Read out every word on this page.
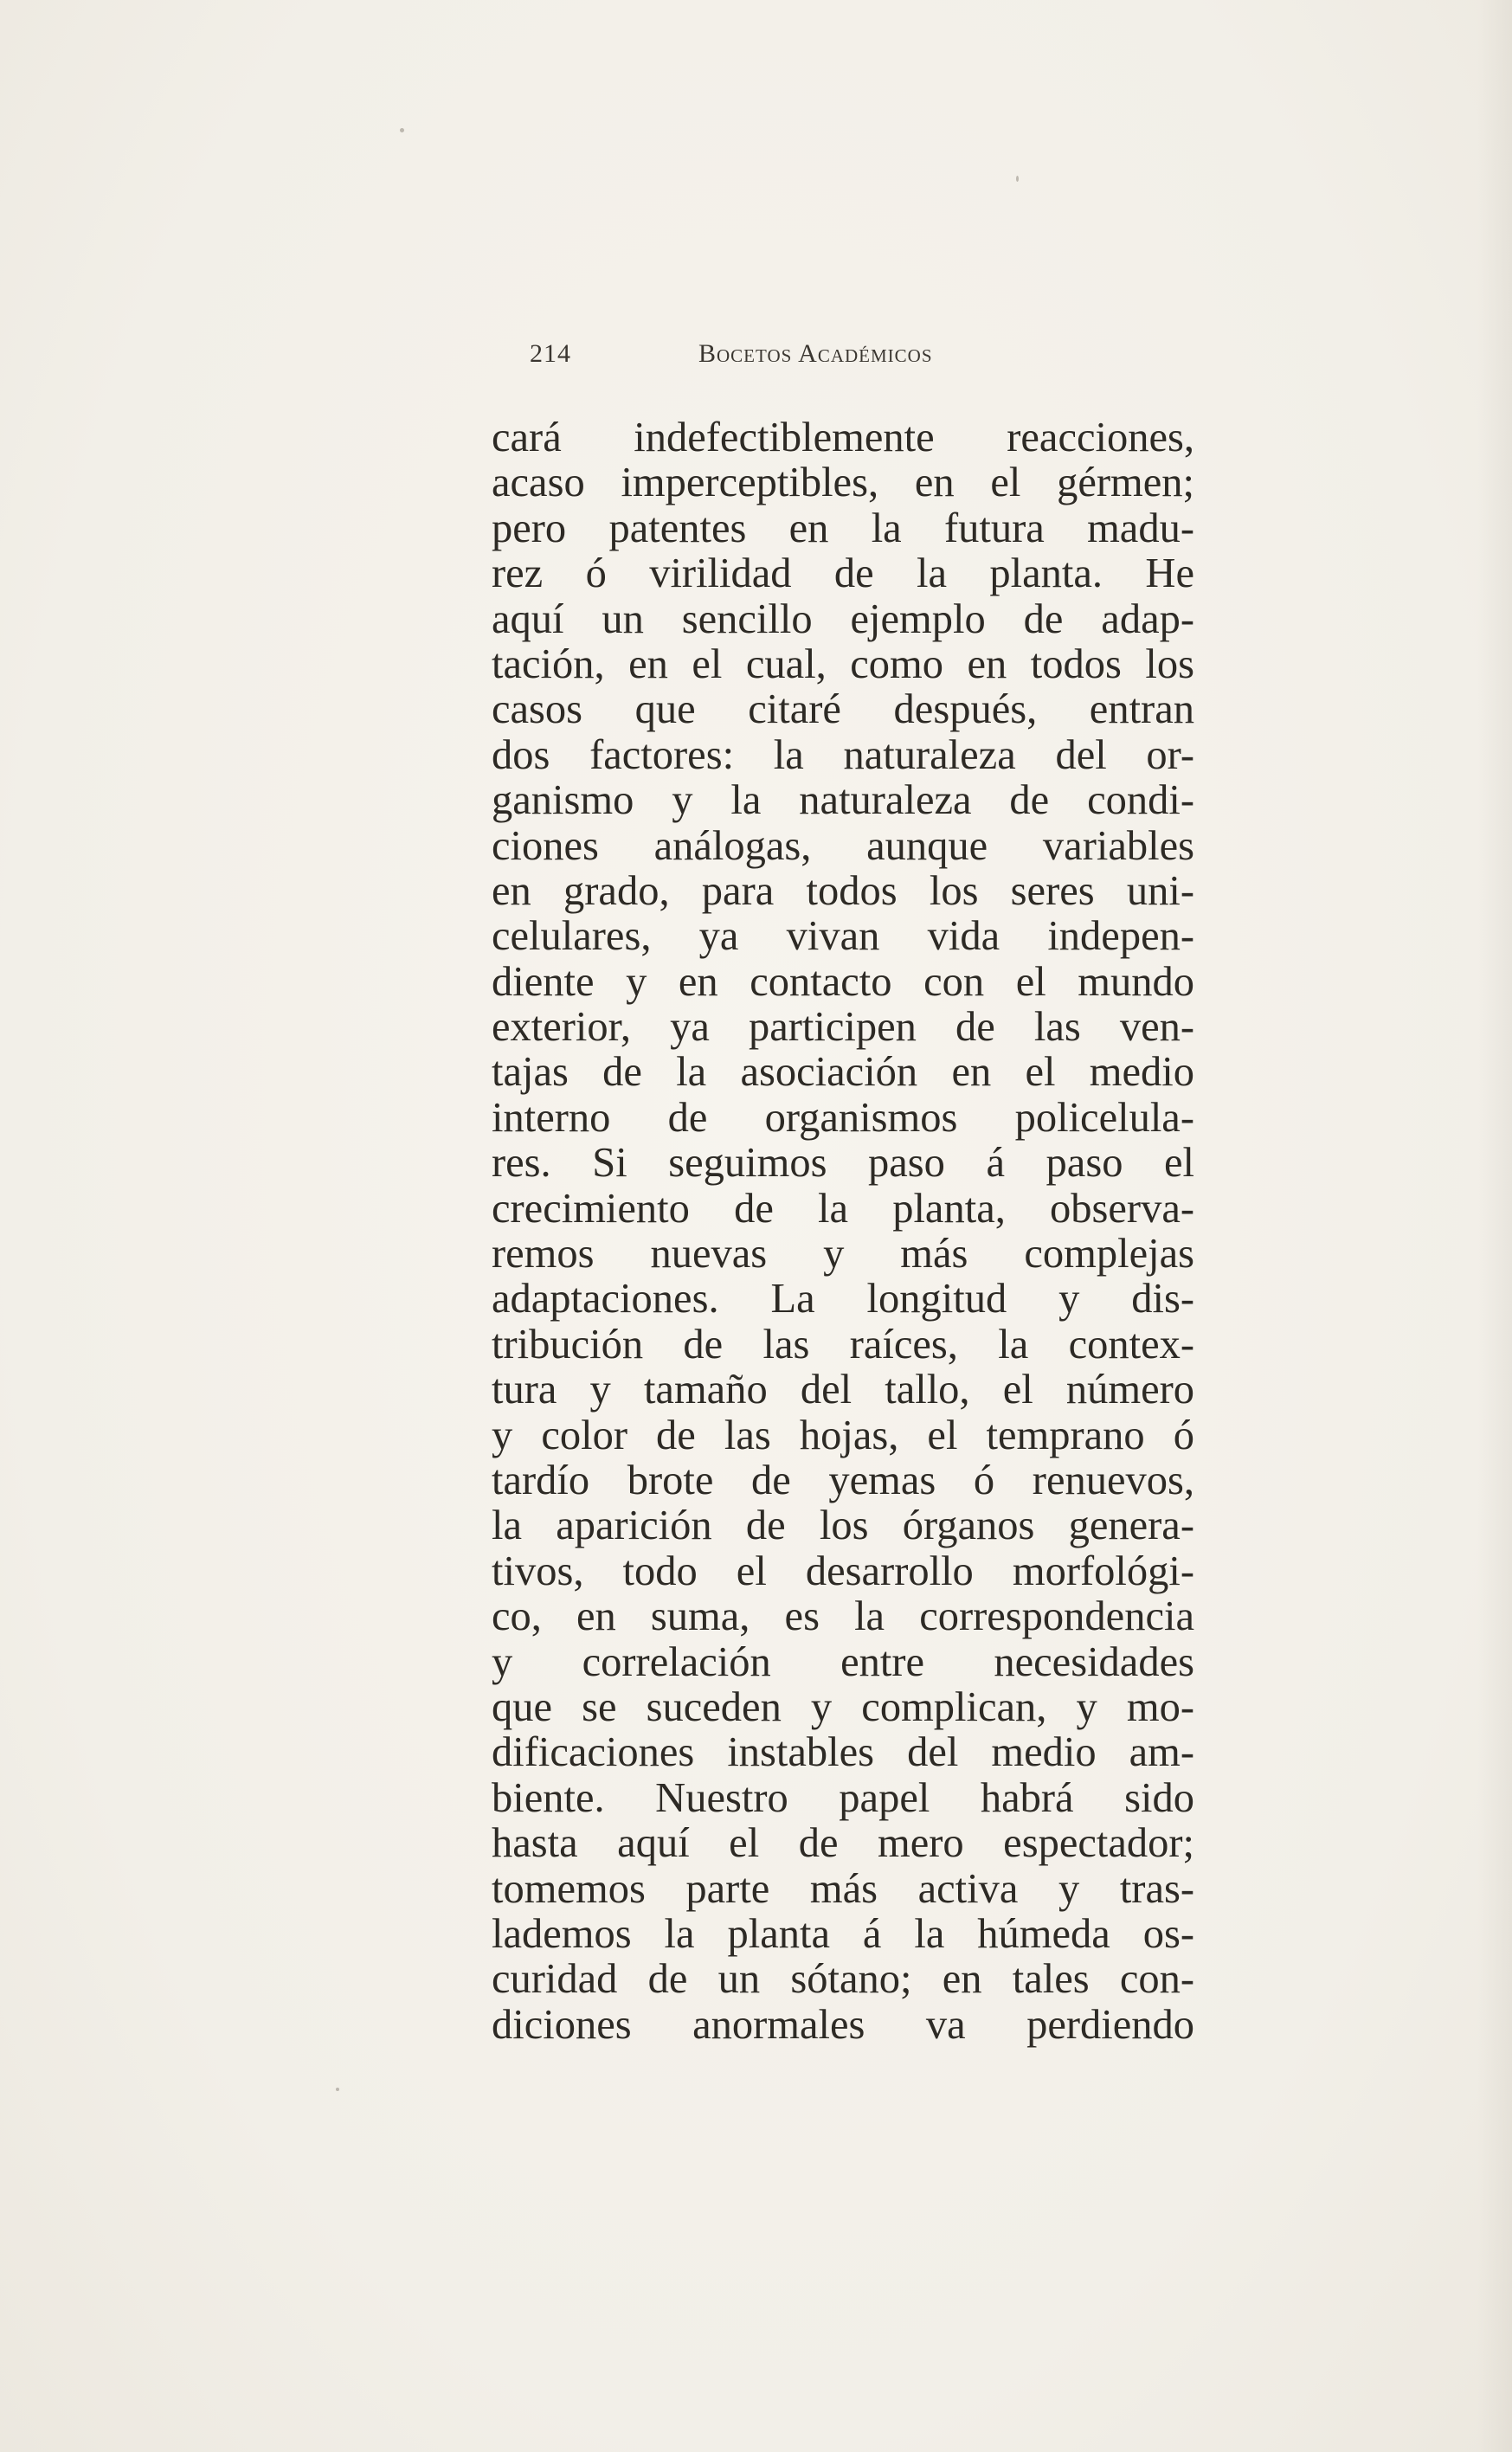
214	Bocetos Académicos
cará indefectiblemente reacciones,
acaso imperceptibles, en el gérmen;
pero patentes en la futura madu-
rez ó virilidad de la planta. He
aquí un sencillo ejemplo de adap-
tación, en el cual, como en todos los
casos que citaré después, entran
dos factores: la naturaleza del or-
ganismo y la naturaleza de condi-
ciones análogas, aunque variables
en grado, para todos los seres uni-
celulares, ya vivan vida indepen-
diente y en contacto con el mundo
exterior, ya participen de las ven-
tajas de la asociación en el medio
interno de organismos policelula-
res. Si seguimos paso á paso el
crecimiento de la planta, observa-
remos nuevas y más complejas
adaptaciones. La longitud y dis-
tribución de las raíces, la contex-
tura y tamaño del tallo, el número
y color de las hojas, el temprano ó
tardío brote de yemas ó renuevos,
la aparición de los órganos genera-
tivos, todo el desarrollo morfológi-
co, en suma, es la correspondencia
y correlación entre necesidades
que se suceden y complican, y mo-
dificaciones instables del medio am-
biente. Nuestro papel habrá sido
hasta aquí el de mero espectador;
tomemos parte más activa y tras-
lademos la planta á la húmeda os-
curidad de un sótano; en tales con-
diciones anormales va perdiendo
